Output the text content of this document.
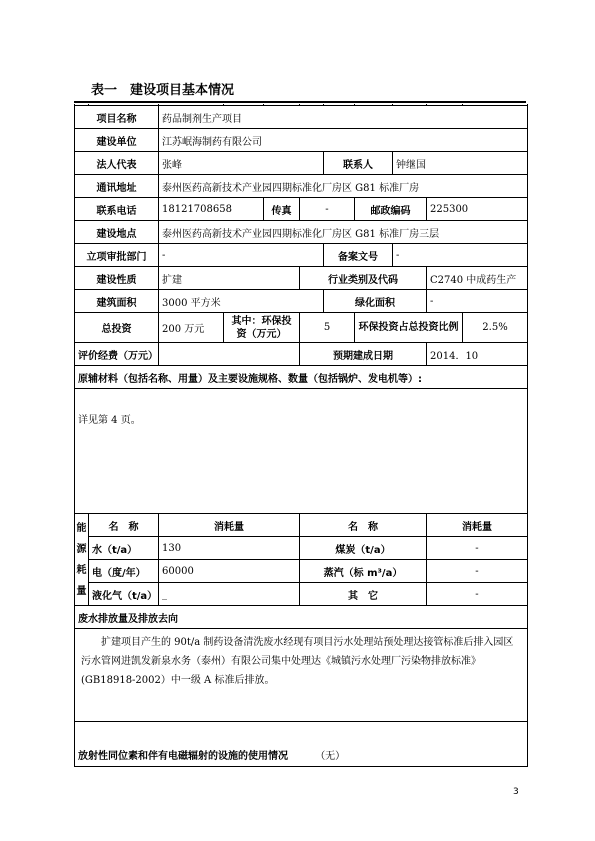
表一　建设项目基本情况

项目名称		药品制剂生产项目								
建设单位		江苏岷海制药有限公司								
法人代表		张峰				联系人		钟继国		
通讯地址		泰州医药高新技术产业园四期标准化厂房区 G81 标准厂房								
联系电话		18121708658		传真	-		邮政编码		225300	
建设地点		泰州医药高新技术产业园四期标准化厂房区 G81 标准厂房三层								
立项审批部门		-				备案文号		-		
建设性质		扩建			行业类别及代码				C2740 中成药生产	
建筑面积		3000 平方米				绿化面积			-	
总投资		200 万元	其中：环保投资（万元）		5		环保投资占总投资比例			2.5%
评价经费（万元）					预期建成日期				2014．10	
原辅材料（包括名称、用量）及主要设施规格、数量（包括锅炉、发电机等）:										
详见第 4 页。										

能
源
耗
量	名　称	消耗量			名　称				消耗量	
	水（t/a）	130			煤炭（t/a）				-	
	电（度/年）	60000			蒸汽（标 m³/a）				-	
	液化气（t/a）	_			其　它				-	
废水排放量及排放去向										
扩建项目产生的 90t/a 制药设备清洗废水经现有项目污水处理站预处理达接管标准后排入园区污水管网进凯发新泉水务（泰州）有限公司集中处理达《城镇污水处理厂污染物排放标准》(GB18918-2002）中一级 A 标准后排放。										
放射性同位素和伴有电磁辐射的设施的使用情况 （无）										
3
